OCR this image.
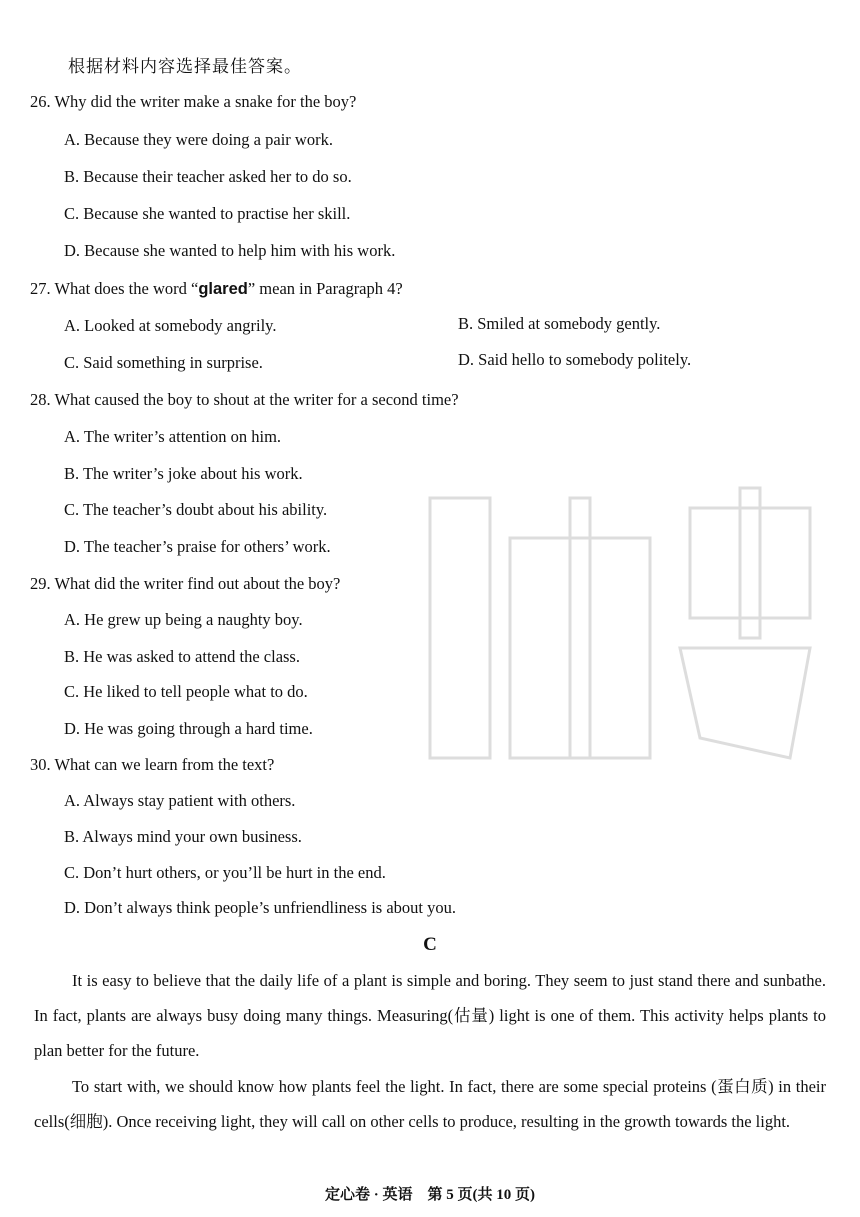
根据材料内容选择最佳答案。
26. Why did the writer make a snake for the boy?
A. Because they were doing a pair work.
B. Because their teacher asked her to do so.
C. Because she wanted to practise her skill.
D. Because she wanted to help him with his work.
27. What does the word “glared” mean in Paragraph 4?
A. Looked at somebody angrily.	B. Smiled at somebody gently.
C. Said something in surprise.	D. Said hello to somebody politely.
28. What caused the boy to shout at the writer for a second time?
A. The writer’s attention on him.
B. The writer’s joke about his work.
C. The teacher’s doubt about his ability.
D. The teacher’s praise for others’ work.
29. What did the writer find out about the boy?
A. He grew up being a naughty boy.
B. He was asked to attend the class.
C. He liked to tell people what to do.
D. He was going through a hard time.
30. What can we learn from the text?
A. Always stay patient with others.
B. Always mind your own business.
C. Don’t hurt others, or you’ll be hurt in the end.
D. Don’t always think people’s unfriendliness is about you.
C
It is easy to believe that the daily life of a plant is simple and boring. They seem to just stand there and sunbathe. In fact, plants are always busy doing many things. Measuring(估量) light is one of them. This activity helps plants to plan better for the future.
To start with, we should know how plants feel the light. In fact, there are some special proteins (蛋白质) in their cells(细胞). Once receiving light, they will call on other cells to produce, resulting in the growth towards the light.
定心卷 · 英语　第 5 页(共 10 页)
